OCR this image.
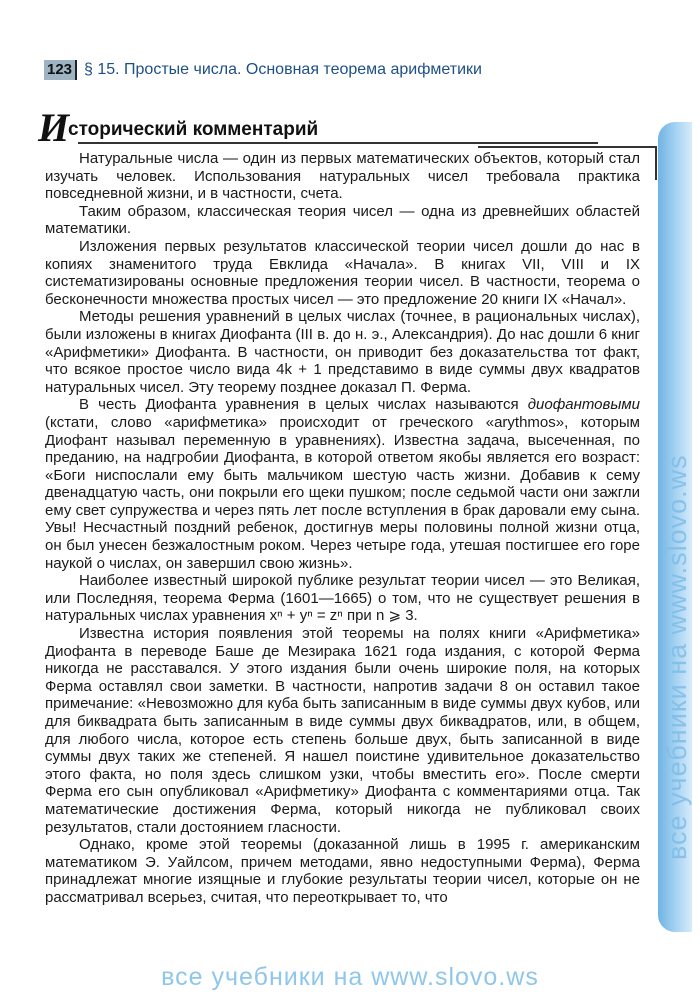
123 § 15. Простые числа. Основная теорема арифметики
все учебники на www.slovo.ws
И
сторический комментарий

Натуральные числа — один из первых математических объектов, который стал изучать человек. Использования натуральных чисел требовала практика повседневной жизни, и в частности, счета.

Таким образом, классическая теория чисел — одна из древнейших областей математики.

Изложения первых результатов классической теории чисел дошли до нас в копиях знаменитого труда Евклида «Начала». В книгах VII, VIII и IX систематизированы основные предложения теории чисел. В частности, теорема о бесконечности множества простых чисел — это предложение 20 книги IX «Начал».

Методы решения уравнений в целых числах (точнее, в рациональных числах), были изложены в книгах Диофанта (III в. до н. э., Александрия). До нас дошли 6 книг «Арифметики» Диофанта. В частности, он приводит без доказательства тот факт, что всякое простое число вида 4k + 1 представимо в виде суммы двух квадратов натуральных чисел. Эту теорему позднее доказал П. Ферма.

В честь Диофанта уравнения в целых числах называются диофантовыми (кстати, слово «арифметика» происходит от греческого «arythmos», которым Диофант называл переменную в уравнениях). Известна задача, высеченная, по преданию, на надгробии Диофанта, в которой ответом якобы является его возраст: «Боги ниспослали ему быть мальчиком шестую часть жизни. Добавив к сему двенадцатую часть, они покрыли его щеки пушком; после седьмой части они зажгли ему свет супружества и через пять лет после вступления в брак даровали ему сына. Увы! Несчастный поздний ребенок, достигнув меры половины полной жизни отца, он был унесен безжалостным роком. Через четыре года, утешая постигшее его горе наукой о числах, он завершил свою жизнь».

Наиболее известный широкой публике результат теории чисел — это Великая, или Последняя, теорема Ферма (1601—1665) о том, что не существует решения в натуральных числах уравнения xⁿ + yⁿ = zⁿ при n ⩾ 3.

Известна история появления этой теоремы на полях книги «Арифметика» Диофанта в переводе Баше де Мезирака 1621 года издания, с которой Ферма никогда не расставался. У этого издания были очень широкие поля, на которых Ферма оставлял свои заметки. В частности, напротив задачи 8 он оставил такое примечание: «Невозможно для куба быть записанным в виде суммы двух кубов, или для биквадрата быть записанным в виде суммы двух биквадратов, или, в общем, для любого числа, которое есть степень больше двух, быть записанной в виде суммы двух таких же степеней. Я нашел поистине удивительное доказательство этого факта, но поля здесь слишком узки, чтобы вместить его». После смерти Ферма его сын опубликовал «Арифметику» Диофанта с комментариями отца. Так математические достижения Ферма, который никогда не публиковал своих результатов, стали достоянием гласности.

Однако, кроме этой теоремы (доказанной лишь в 1995 г. американским математиком Э. Уайлсом, причем методами, явно недоступными Ферма), Ферма принадлежат многие изящные и глубокие результаты теории чисел, которые он не рассматривал всерьез, считая, что переоткрывает то, что

все учебники на www.slovo.ws
